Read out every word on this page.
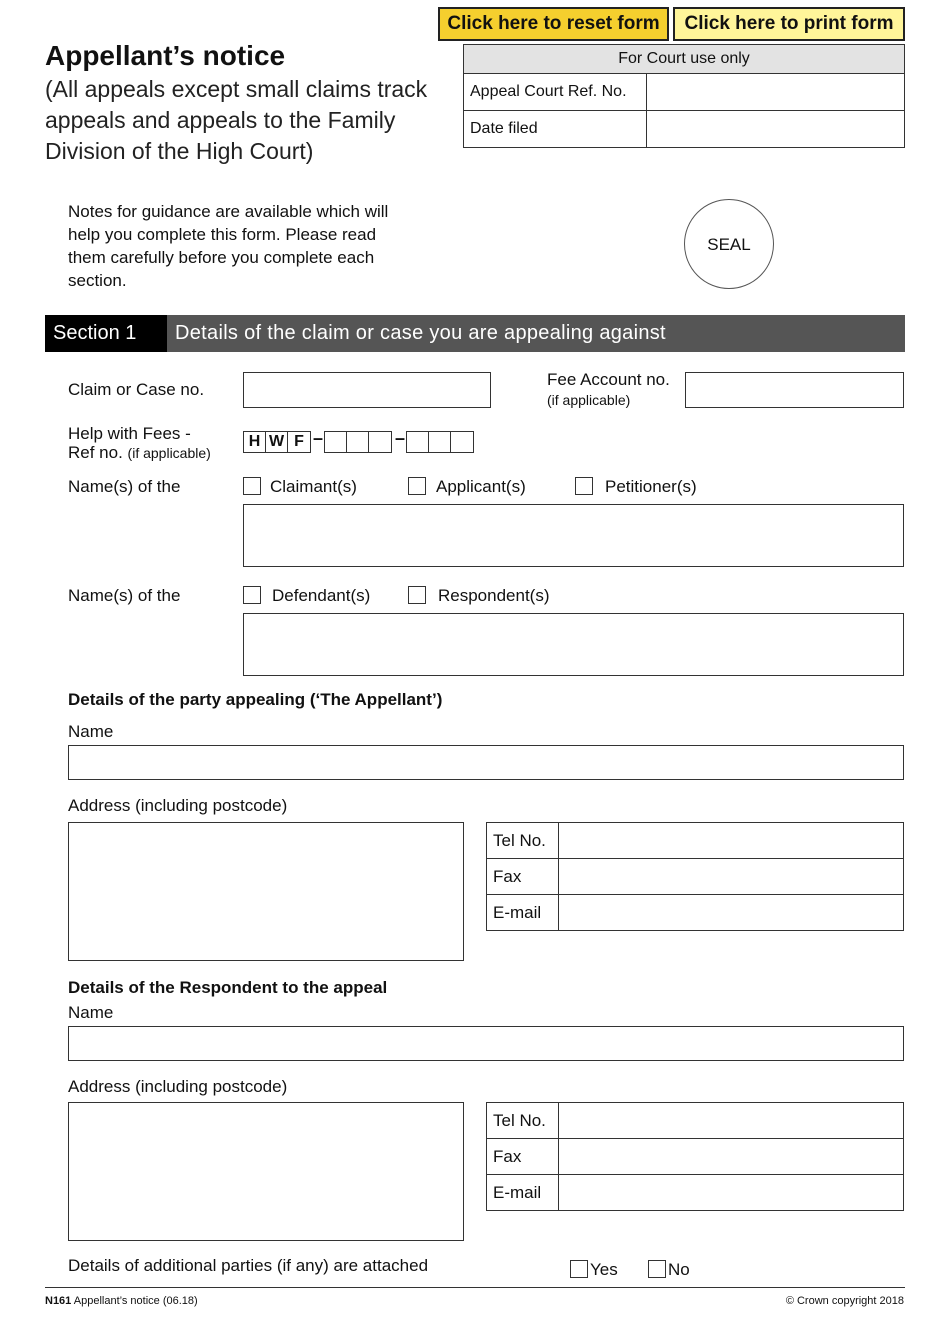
Click here to reset form	Click here to print form
Appellant’s notice
(All appeals except small claims track appeals and appeals to the Family Division of the High Court)
For Court use only
Appeal Court Ref. No.
Date filed
Notes for guidance are available which will help you complete this form. Please read them carefully before you complete each section.
SEAL
Section 1	Details of the claim or case you are appealing against
Claim or Case no.
Fee Account no.
(if applicable)
Help with Fees -
Ref no. (if applicable)
H W F –	–
Name(s) of the	Claimant(s)	Applicant(s)	Petitioner(s)
Name(s) of the	Defendant(s)	Respondent(s)
Details of the party appealing (‘The Appellant’)
Name
Address (including postcode)
Tel No.
Fax
E-mail
Details of the Respondent to the appeal
Name
Address (including postcode)
Tel No.
Fax
E-mail
Details of additional parties (if any) are attached	Yes	No
N161 Appellant’s notice (06.18)	© Crown copyright 2018
